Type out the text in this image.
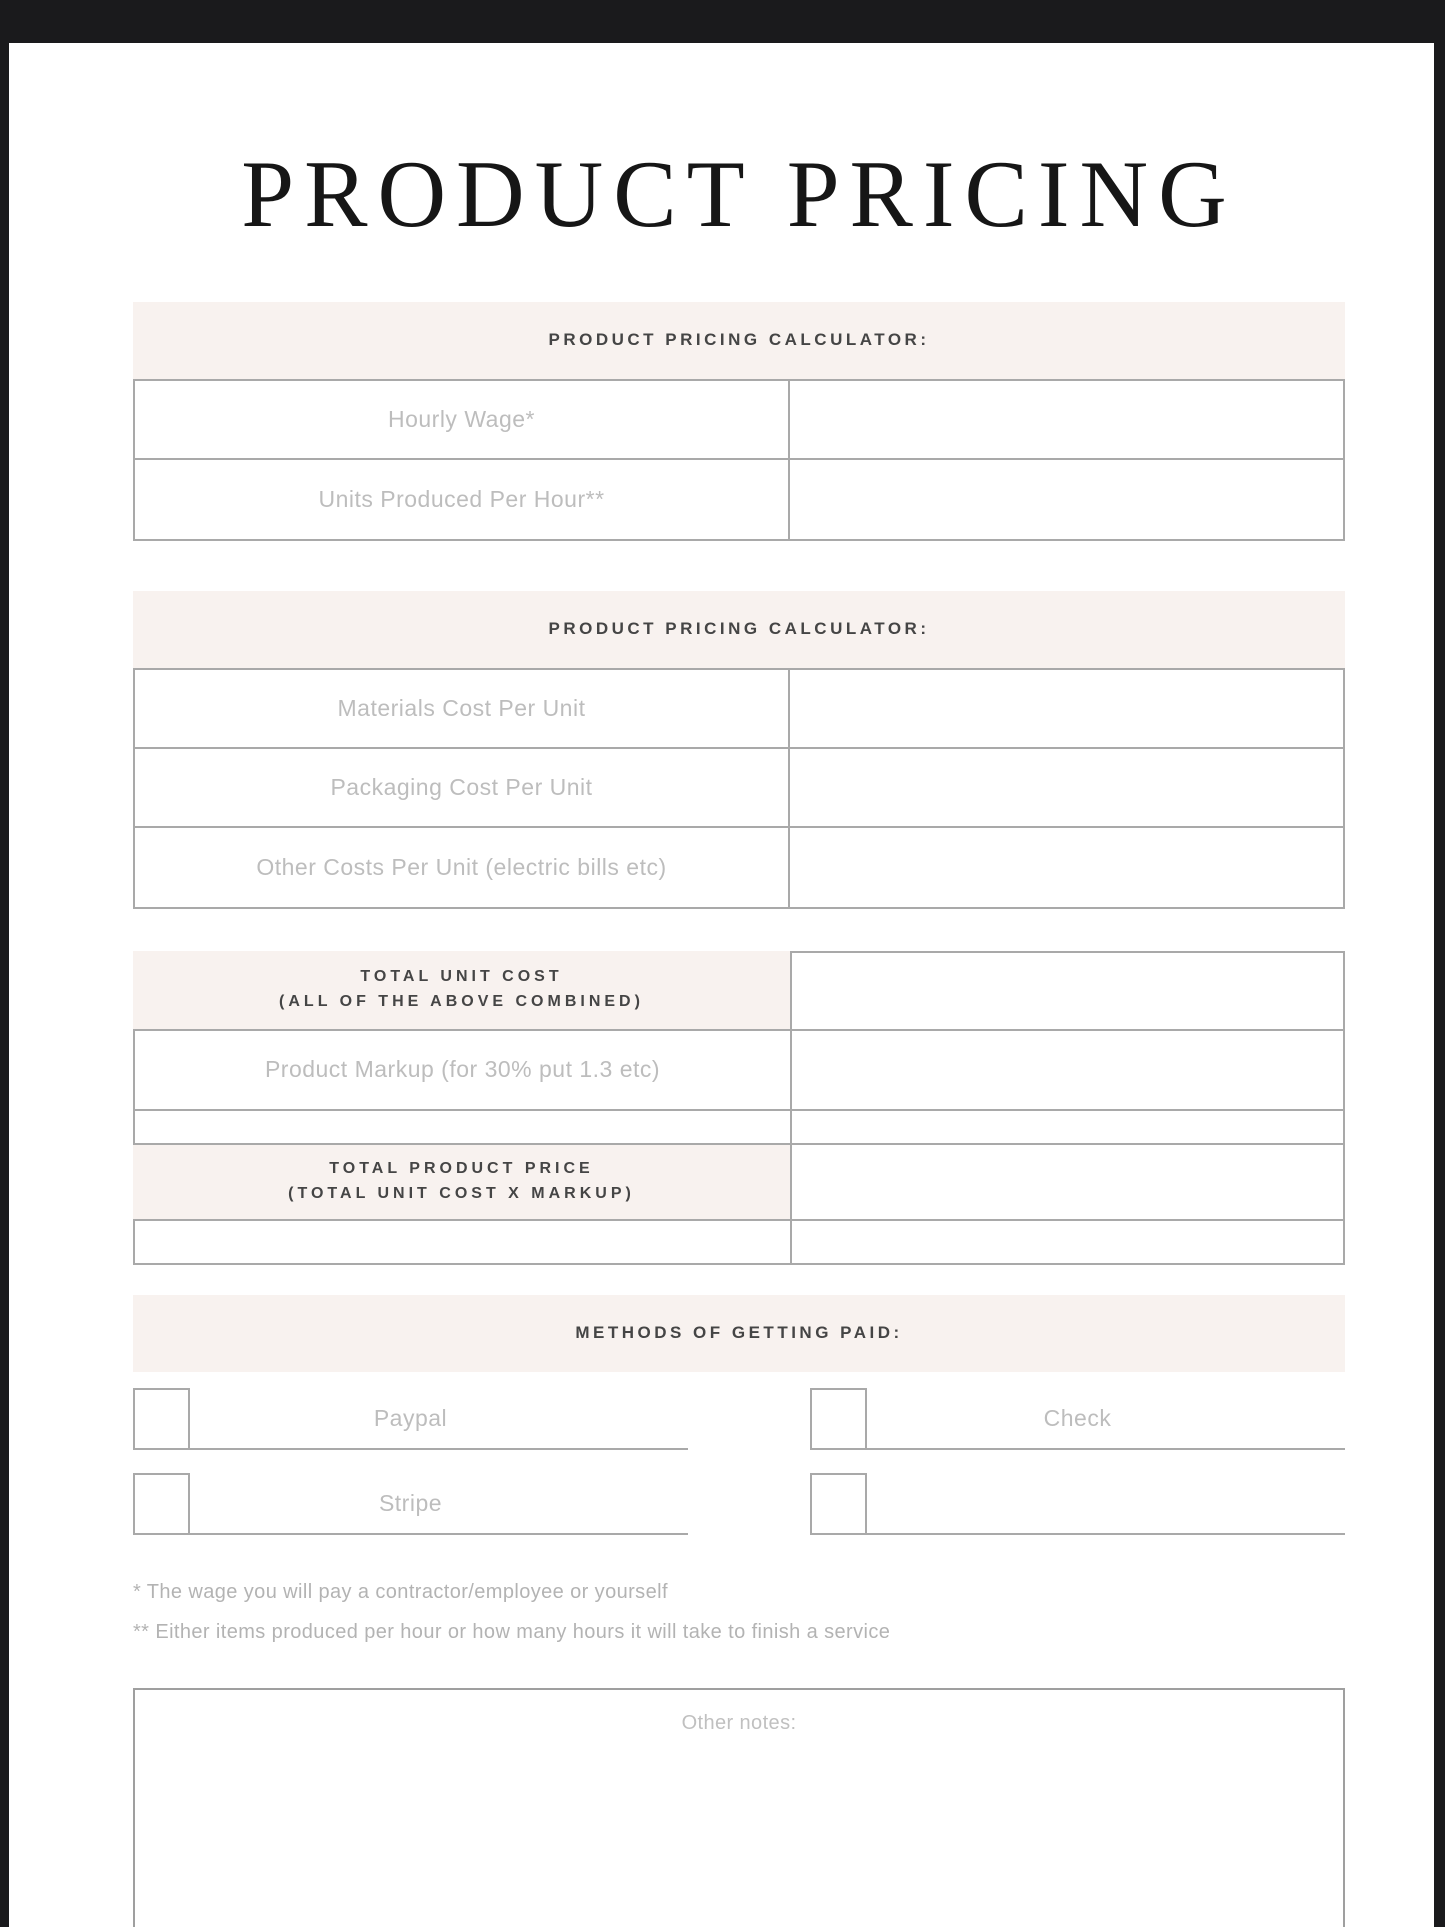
PRODUCT PRICING
PRODUCT PRICING CALCULATOR:
Hourly Wage*
Units Produced Per Hour**
PRODUCT PRICING CALCULATOR:
Materials Cost Per Unit
Packaging Cost Per Unit
Other Costs Per Unit (electric bills etc)
TOTAL UNIT COST
(ALL OF THE ABOVE COMBINED)
Product Markup (for 30% put 1.3 etc)
TOTAL PRODUCT PRICE
(TOTAL UNIT COST X MARKUP)
METHODS OF GETTING PAID:
Paypal	Check
Stripe

* The wage you will pay a contractor/employee or yourself

** Either items produced per hour or how many hours it will take to finish a service

Other notes:
